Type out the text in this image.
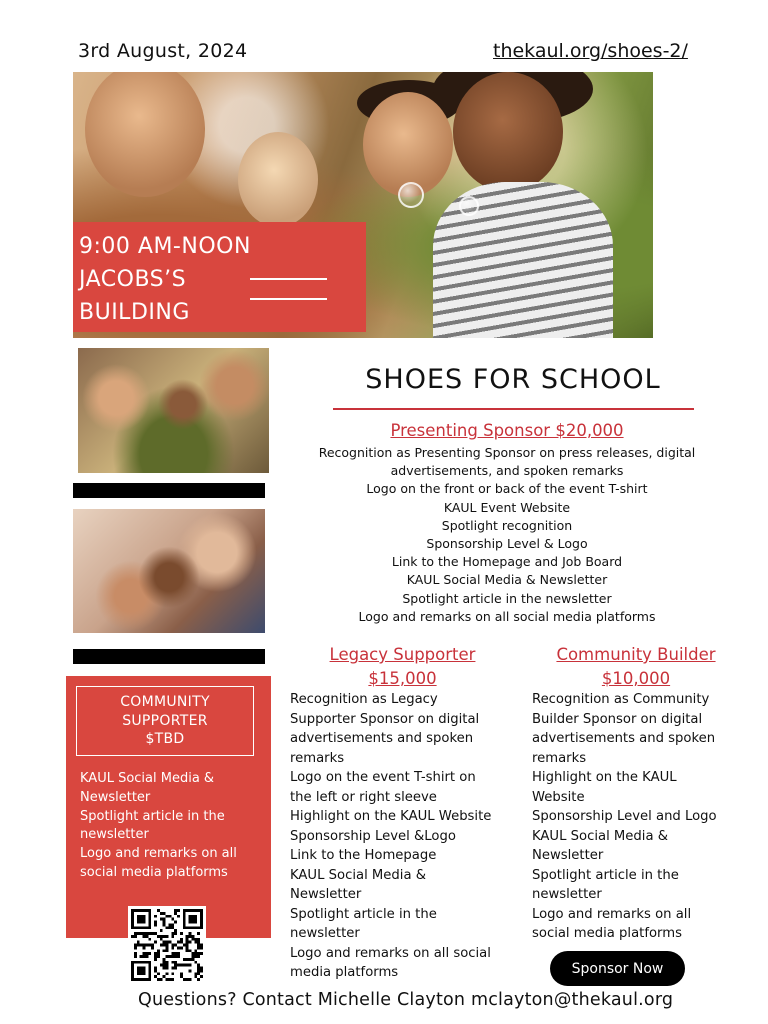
3rd August, 2024	thekaul.org/shoes-2/
9:00 AM-NOON
JACOBS’S
BUILDING
COMMUNITY
SUPPORTER
$TBD
KAUL Social Media &
Newsletter
Spotlight article in the
newsletter
Logo and remarks on all
social media platforms
SHOES FOR SCHOOL
Presenting Sponsor $20,000
Recognition as Presenting Sponsor on press releases, digital
advertisements, and spoken remarks
Logo on the front or back of the event T-shirt
KAUL Event Website
Spotlight recognition
Sponsorship Level & Logo
Link to the Homepage and Job Board
KAUL Social Media & Newsletter
Spotlight article in the newsletter
Logo and remarks on all social media platforms
Legacy Supporter
$15,000
Recognition as Legacy
Supporter Sponsor on digital
advertisements and spoken
remarks
Logo on the event T-shirt on
the left or right sleeve
Highlight on the KAUL Website
Sponsorship Level &Logo
Link to the Homepage
KAUL Social Media &
Newsletter
Spotlight article in the
newsletter
Logo and remarks on all social
media platforms
Community Builder
$10,000
Recognition as Community
Builder Sponsor on digital
advertisements and spoken
remarks
Highlight on the KAUL
Website
Sponsorship Level and Logo
KAUL Social Media &
Newsletter
Spotlight article in the
newsletter
Logo and remarks on all
social media platforms
Sponsor Now
Questions? Contact Michelle Clayton mclayton@thekaul.org
